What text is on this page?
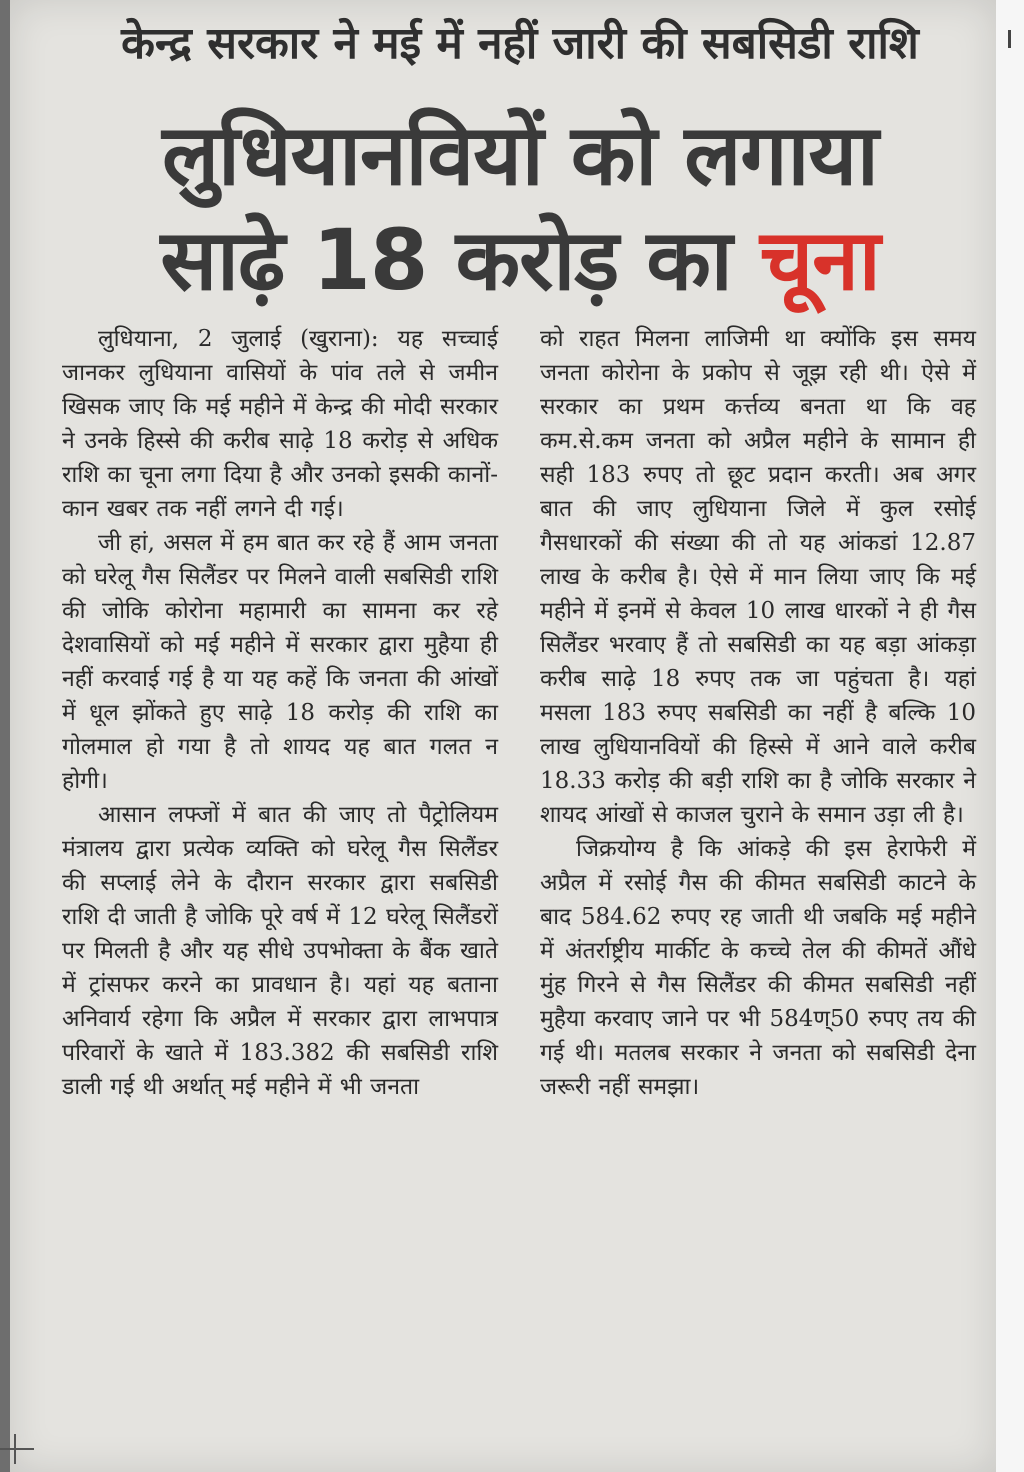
केन्द्र सरकार ने मई में नहीं जारी की सबसिडी राशि
लुधियानवियों को लगाया
साढ़े 18 करोड़ का चूना

लुधियाना, 2 जुलाई (खुराना): यह सच्चाई जानकर लुधियाना वासियों के पांव तले से जमीन खिसक जाए कि मई महीने में केन्द्र की मोदी सरकार ने उनके हिस्से की करीब साढ़े 18 करोड़ से अधिक राशि का चूना लगा दिया है और उनको इसकी कानों-कान खबर तक नहीं लगने दी गई।

जी हां, असल में हम बात कर रहे हैं आम जनता को घरेलू गैस सिलैंडर पर मिलने वाली सबसिडी राशि की जोकि कोरोना महामारी का सामना कर रहे देशवासियों को मई महीने में सरकार द्वारा मुहैया ही नहीं करवाई गई है या यह कहें कि जनता की आंखों में धूल झोंकते हुए साढ़े 18 करोड़ की राशि का गोलमाल हो गया है तो शायद यह बात गलत न होगी।

आसान लफ्जों में बात की जाए तो पैट्रोलियम मंत्रालय द्वारा प्रत्येक व्यक्ति को घरेलू गैस सिलैंडर की सप्लाई लेने के दौरान सरकार द्वारा सबसिडी राशि दी जाती है जोकि पूरे वर्ष में 12 घरेलू सिलैंडरों पर मिलती है और यह सीधे उपभोक्ता के बैंक खाते में ट्रांसफर करने का प्रावधान है। यहां यह बताना अनिवार्य रहेगा कि अप्रैल में सरकार द्वारा लाभपात्र परिवारों के खाते में 183.382 की सबसिडी राशि डाली गई थी अर्थात् मई महीने में भी जनता

को राहत मिलना लाजिमी था क्योंकि इस समय जनता कोरोना के प्रकोप से जूझ रही थी। ऐसे में सरकार का प्रथम कर्त्तव्य बनता था कि वह कम.से.कम जनता को अप्रैल महीने के सामान ही सही 183 रुपए तो छूट प्रदान करती। अब अगर बात की जाए लुधियाना जिले में कुल रसोई गैसधारकों की संख्या की तो यह आंकडां 12.87 लाख के करीब है। ऐसे में मान लिया जाए कि मई महीने में इनमें से केवल 10 लाख धारकों ने ही गैस सिलैंडर भरवाए हैं तो सबसिडी का यह बड़ा आंकड़ा करीब साढ़े 18 रुपए तक जा पहुंचता है। यहां मसला 183 रुपए सबसिडी का नहीं है बल्कि 10 लाख लुधियानवियों की हिस्से में आने वाले करीब 18.33 करोड़ की बड़ी राशि का है जोकि सरकार ने शायद आंखों से काजल चुराने के समान उड़ा ली है।

जिक्रयोग्य है कि आंकड़े की इस हेराफेरी में अप्रैल में रसोई गैस की कीमत सबसिडी काटने के बाद 584.62 रुपए रह जाती थी जबकि मई महीने में अंतर्राष्ट्रीय मार्कीट के कच्चे तेल की कीमतें औंधे मुंह गिरने से गैस सिलैंडर की कीमत सबसिडी नहीं मुहैया करवाए जाने पर भी 584ण्50 रुपए तय की गई थी। मतलब सरकार ने जनता को सबसिडी देना जरूरी नहीं समझा।
